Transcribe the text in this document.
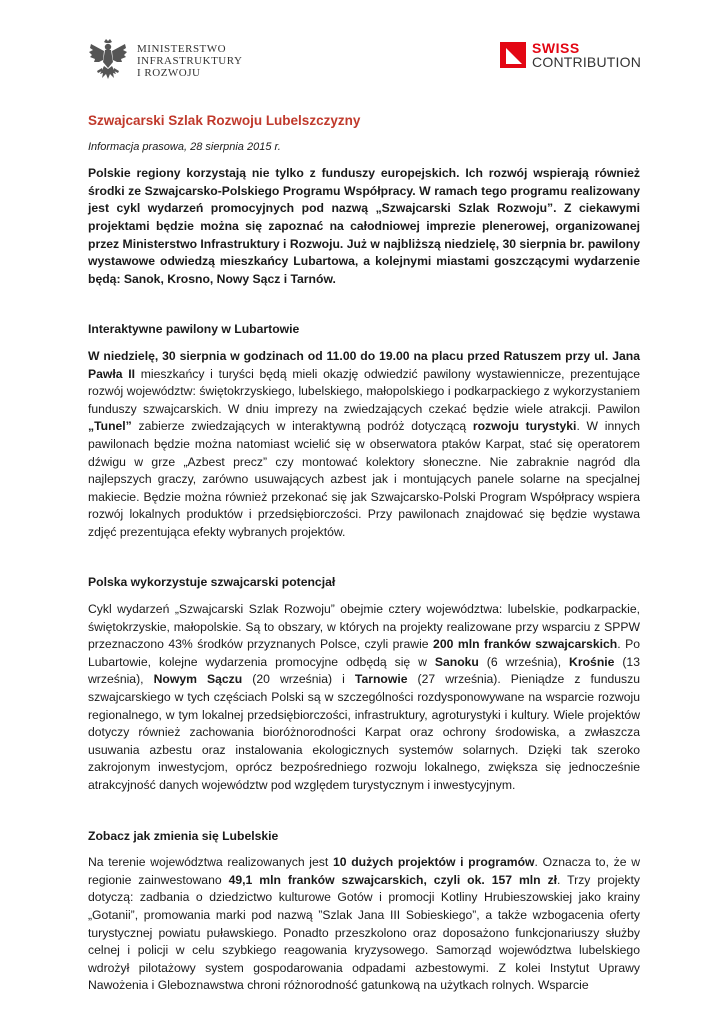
MINISTERSTWO
INFRASTRUKTURY
I ROZWOJU
SWISS
CONTRIBUTION
Szwajcarski Szlak Rozwoju Lubelszczyzny
Informacja prasowa, 28 sierpnia 2015 r.

Polskie regiony korzystają nie tylko z funduszy europejskich. Ich rozwój wspierają również środki ze Szwajcarsko-Polskiego Programu Współpracy. W ramach tego programu realizowany jest cykl wydarzeń promocyjnych pod nazwą „Szwajcarski Szlak Rozwoju”. Z ciekawymi projektami będzie można się zapoznać na całodniowej imprezie plenerowej, organizowanej przez Ministerstwo Infrastruktury i Rozwoju. Już w najbliższą niedzielę, 30 sierpnia br. pawilony wystawowe odwiedzą mieszkańcy Lubartowa, a kolejnymi miastami goszczącymi wydarzenie będą: Sanok, Krosno, Nowy Sącz i Tarnów.

Interaktywne pawilony w Lubartowie

W niedzielę, 30 sierpnia w godzinach od 11.00 do 19.00 na placu przed Ratuszem przy ul. Jana Pawła II mieszkańcy i turyści będą mieli okazję odwiedzić pawilony wystawiennicze, prezentujące rozwój województw: świętokrzyskiego, lubelskiego, małopolskiego i podkarpackiego z wykorzystaniem funduszy szwajcarskich. W dniu imprezy na zwiedzających czekać będzie wiele atrakcji. Pawilon „Tunel” zabierze zwiedzających w interaktywną podróż dotyczącą rozwoju turystyki. W innych pawilonach będzie można natomiast wcielić się w obserwatora ptaków Karpat, stać się operatorem dźwigu w grze „Azbest precz” czy montować kolektory słoneczne. Nie zabraknie nagród dla najlepszych graczy, zarówno usuwających azbest jak i montujących panele solarne na specjalnej makiecie. Będzie można również przekonać się jak Szwajcarsko-Polski Program Współpracy wspiera rozwój lokalnych produktów i przedsiębiorczości. Przy pawilonach znajdować się będzie wystawa zdjęć prezentująca efekty wybranych projektów.

Polska wykorzystuje szwajcarski potencjał

Cykl wydarzeń „Szwajcarski Szlak Rozwoju” obejmie cztery województwa: lubelskie, podkarpackie, świętokrzyskie, małopolskie. Są to obszary, w których na projekty realizowane przy wsparciu z SPPW przeznaczono 43% środków przyznanych Polsce, czyli prawie 200 mln franków szwajcarskich. Po Lubartowie, kolejne wydarzenia promocyjne odbędą się w Sanoku (6 września), Krośnie (13 września), Nowym Sączu (20 września) i Tarnowie (27 września). Pieniądze z funduszu szwajcarskiego w tych częściach Polski są w szczególności rozdysponowywane na wsparcie rozwoju regionalnego, w tym lokalnej przedsiębiorczości, infrastruktury, agroturystyki i kultury. Wiele projektów dotyczy również zachowania bioróżnorodności Karpat oraz ochrony środowiska, a zwłaszcza usuwania azbestu oraz instalowania ekologicznych systemów solarnych. Dzięki tak szeroko zakrojonym inwestycjom, oprócz bezpośredniego rozwoju lokalnego, zwiększa się jednocześnie atrakcyjność danych województw pod względem turystycznym i inwestycyjnym.

Zobacz jak zmienia się Lubelskie

Na terenie województwa realizowanych jest 10 dużych projektów i programów. Oznacza to, że w regionie zainwestowano 49,1 mln franków szwajcarskich, czyli ok. 157 mln zł. Trzy projekty dotyczą: zadbania o dziedzictwo kulturowe Gotów i promocji Kotliny Hrubieszowskiej jako krainy „Gotanii”, promowania marki pod nazwą ”Szlak Jana III Sobieskiego”, a także wzbogacenia oferty turystycznej powiatu puławskiego. Ponadto przeszkolono oraz doposażono funkcjonariuszy służby celnej i policji w celu szybkiego reagowania kryzysowego. Samorząd województwa lubelskiego wdrożył pilotażowy system gospodarowania odpadami azbestowymi. Z kolei Instytut Uprawy Nawożenia i Gleboznawstwa chroni różnorodność gatunkową na użytkach rolnych. Wsparcie
